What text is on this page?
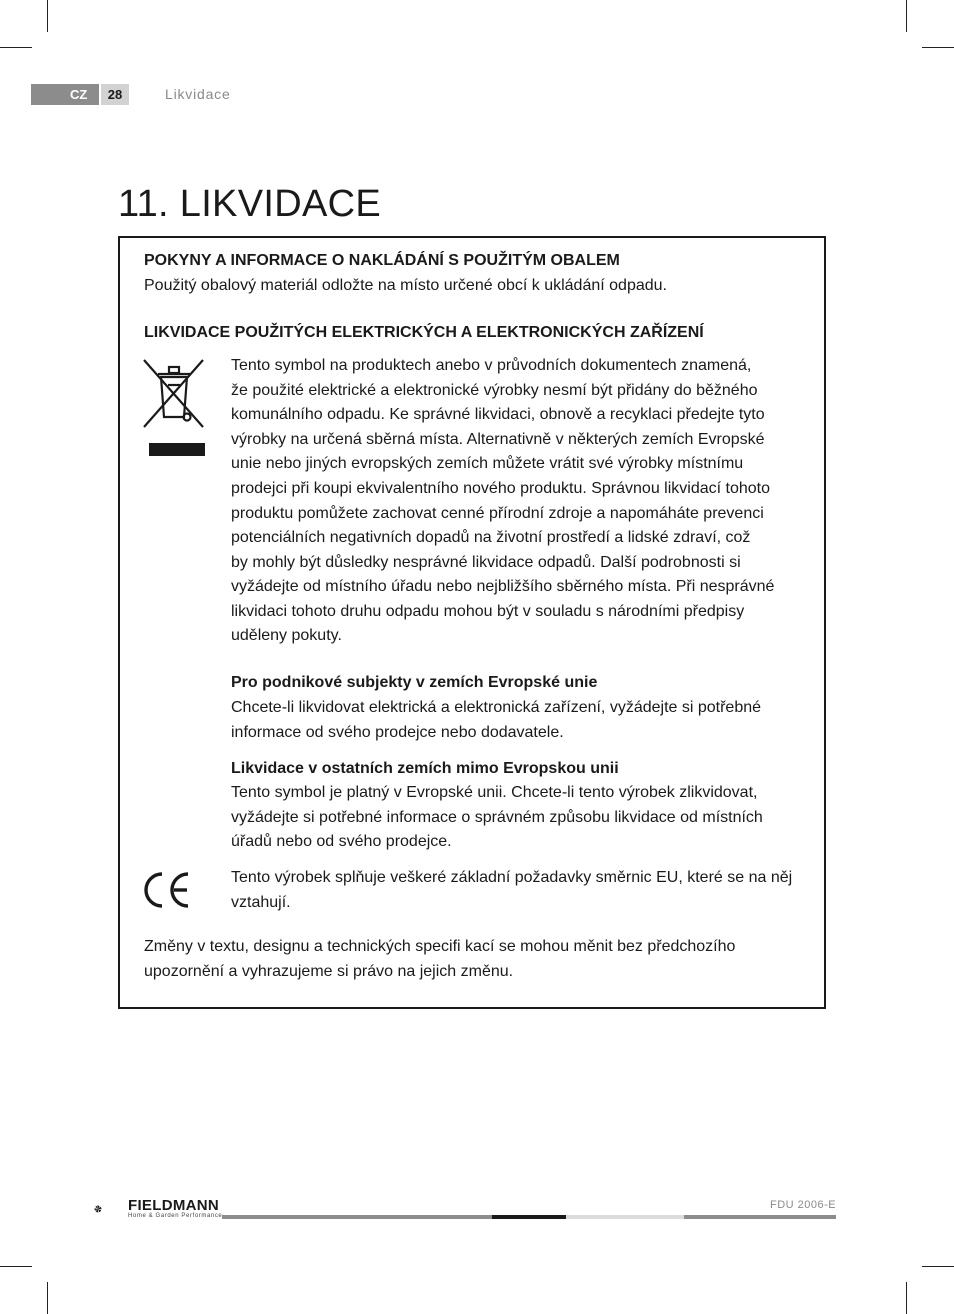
CZ	28	Likvidace
11. LIKVIDACE
POKYNY A INFORMACE O NAKLÁDÁNÍ S POUŽITÝM OBALEM
Použitý obalový materiál odložte na místo určené obcí k ukládání odpadu.
LIKVIDACE POUŽITÝCH ELEKTRICKÝCH A ELEKTRONICKÝCH ZAŘÍZENÍ
Tento symbol na produktech anebo v průvodních dokumentech znamená,
že použité elektrické a elektronické výrobky nesmí být přidány do běžného
komunálního odpadu. Ke správné likvidaci, obnově a recyklaci předejte tyto
výrobky na určená sběrná místa. Alternativně v některých zemích Evropské
unie nebo jiných evropských zemích můžete vrátit své výrobky místnímu
prodejci při koupi ekvivalentního nového produktu. Správnou likvidací tohoto
produktu pomůžete zachovat cenné přírodní zdroje a napomáháte prevenci
potenciálních negativních dopadů na životní prostředí a lidské zdraví, což
by mohly být důsledky nesprávné likvidace odpadů. Další podrobnosti si
vyžádejte od místního úřadu nebo nejbližšího sběrného místa. Při nesprávné
likvidaci tohoto druhu odpadu mohou být v souladu s národními předpisy
uděleny pokuty.
Pro podnikové subjekty v zemích Evropské unie
Chcete-li likvidovat elektrická a elektronická zařízení, vyžádejte si potřebné
informace od svého prodejce nebo dodavatele.
Likvidace v ostatních zemích mimo Evropskou unii
Tento symbol je platný v Evropské unii. Chcete-li tento výrobek zlikvidovat,
vyžádejte si potřebné informace o správném způsobu likvidace od místních
úřadů nebo od svého prodejce.
Tento výrobek splňuje veškeré základní požadavky směrnic EU, které se na něj
vztahují.
Změny v textu, designu a technických specifi kací se mohou měnit bez předchozího
upozornění a vyhrazujeme si právo na jejich změnu.
FIELDMANN
Home & Garden Performance
FDU 2006-E
